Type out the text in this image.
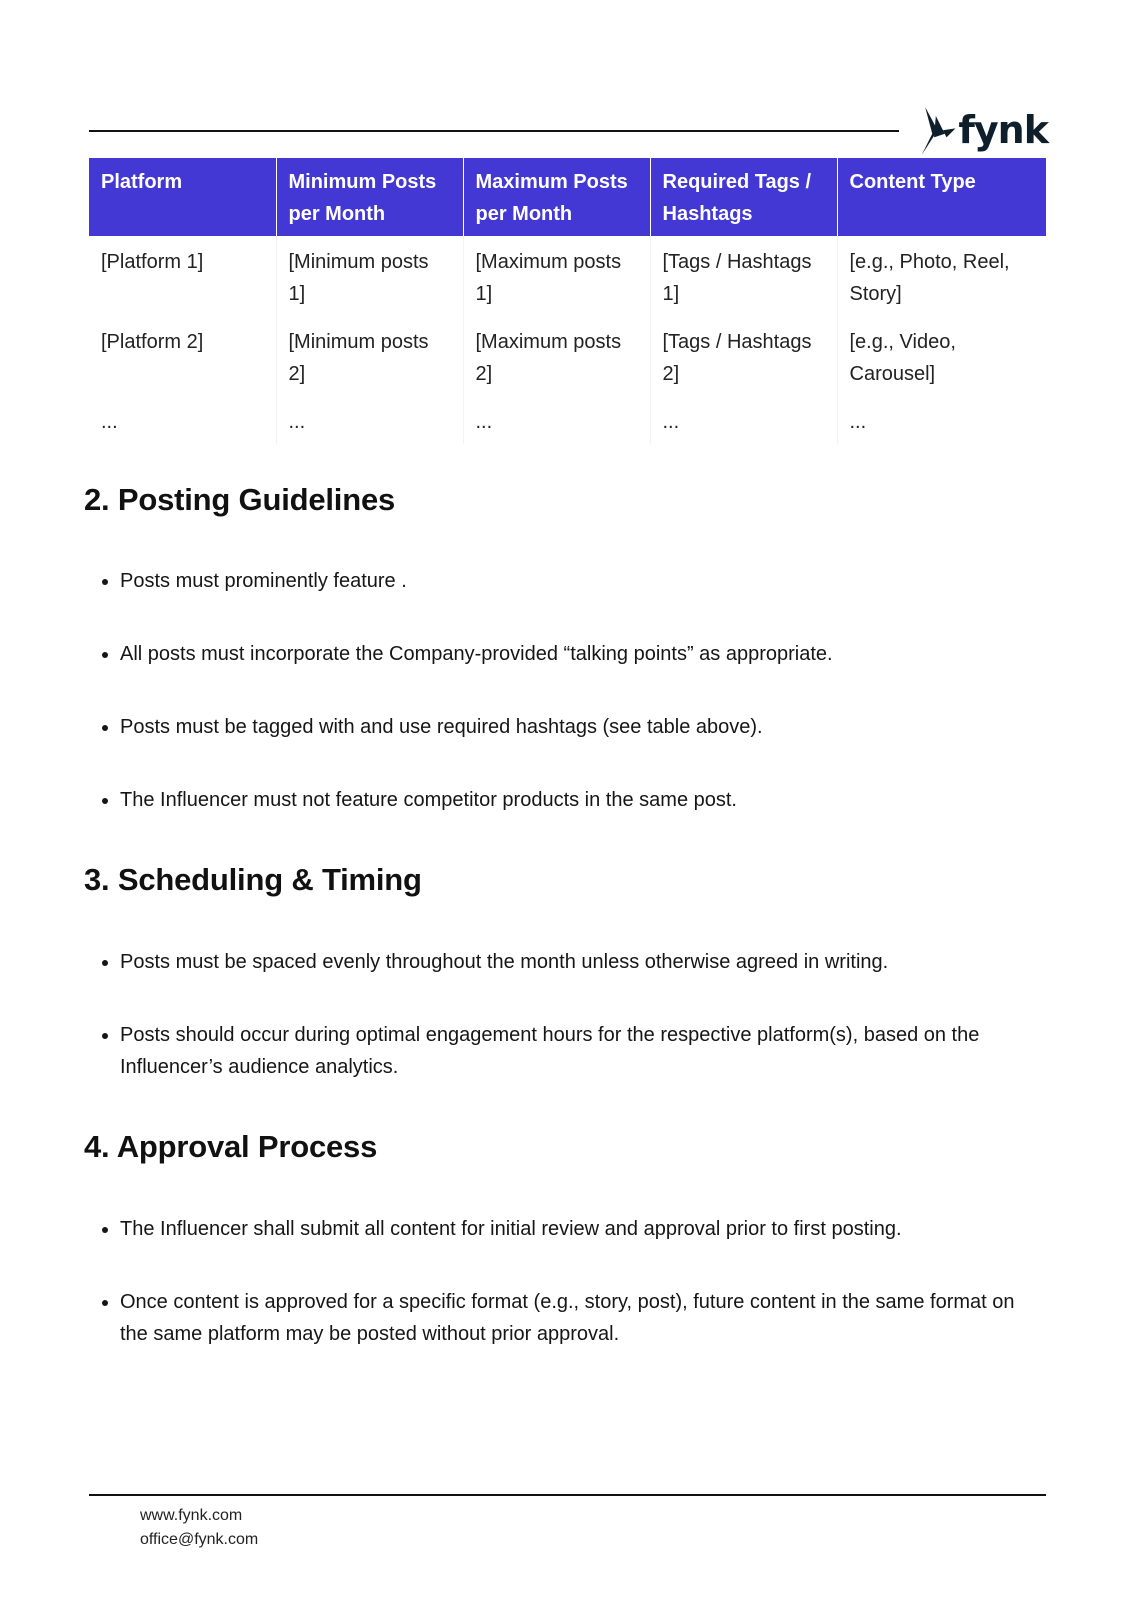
fynk
Platform	Minimum Posts per Month	Maximum Posts per Month	Required Tags / Hashtags	Content Type
[Platform 1]	[Minimum posts 1]	[Maximum posts 1]	[Tags / Hashtags 1]	[e.g., Photo, Reel, Story]
[Platform 2]	[Minimum posts 2]	[Maximum posts 2]	[Tags / Hashtags 2]	[e.g., Video, Carousel]
...	...	...	...	...
2. Posting Guidelines
Posts must prominently feature .
All posts must incorporate the Company-provided “talking points” as appropriate.
Posts must be tagged with and use required hashtags (see table above).
The Influencer must not feature competitor products in the same post.
3. Scheduling & Timing
Posts must be spaced evenly throughout the month unless otherwise agreed in writing.
Posts should occur during optimal engagement hours for the respective platform(s), based on the Influencer’s audience analytics.
4. Approval Process
The Influencer shall submit all content for initial review and approval prior to first posting.
Once content is approved for a specific format (e.g., story, post), future content in the same format on the same platform may be posted without prior approval.
www.fynk.com
office@fynk.com
